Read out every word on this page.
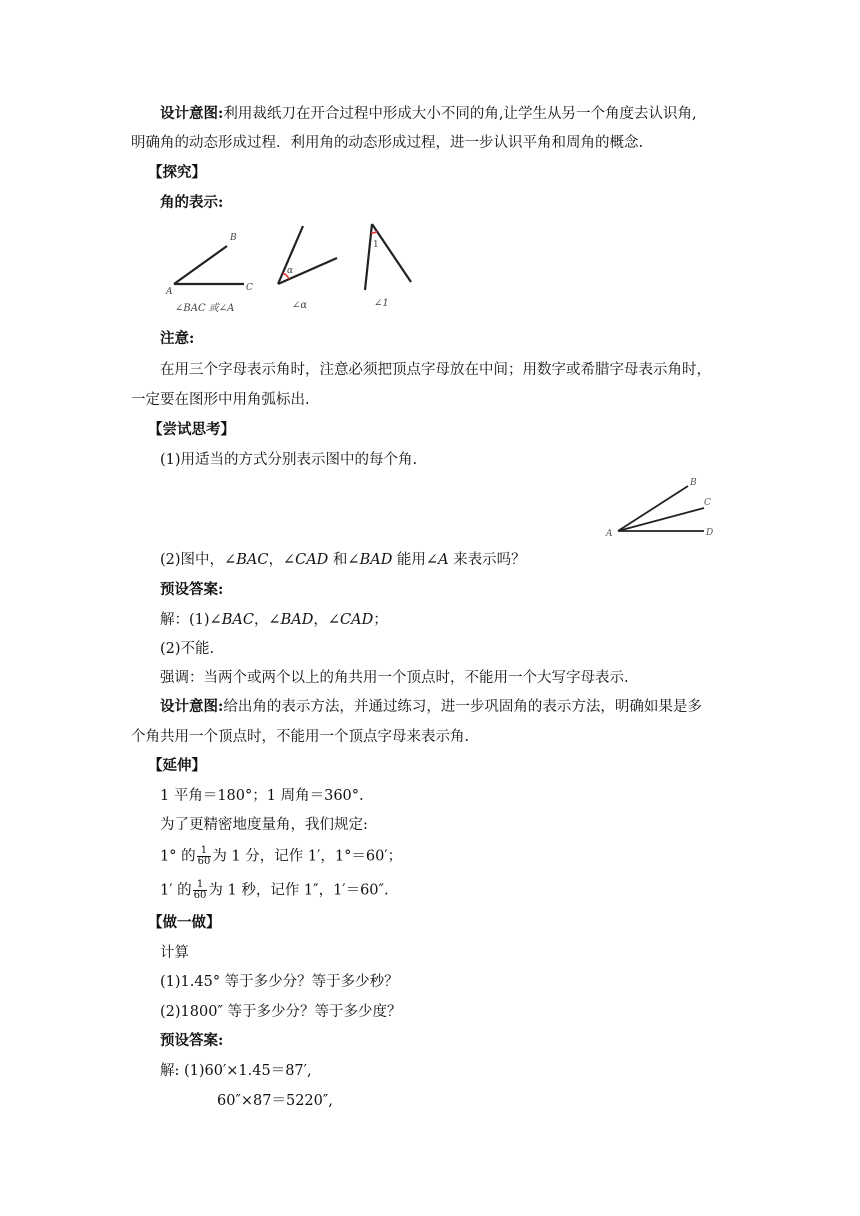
设计意图:利用裁纸刀在开合过程中形成大小不同的角,让学生从另一个角度去认识角,
明确角的动态形成过程．利用角的动态形成过程，进一步认识平角和周角的概念.
【探究】
角的表示:
B
A	C
∠BAC 或∠A
α
∠α
1
∠1
注意:
在用三个字母表示角时，注意必须把顶点字母放在中间；用数字或希腊字母表示角时，
一定要在图形中用角弧标出.
【尝试思考】
(1)用适当的方式分别表示图中的每个角.
A
B
C
D
(2)图中，∠BAC，∠CAD 和∠BAD 能用∠A 来表示吗？
预设答案:
解：(1)∠BAC，∠BAD，∠CAD；
(2)不能.
强调：当两个或两个以上的角共用一个顶点时，不能用一个大写字母表示.
设计意图:给出角的表示方法，并通过练习，进一步巩固角的表示方法，明确如果是多
个角共用一个顶点时，不能用一个顶点字母来表示角.
【延伸】
1 平角＝180°；1 周角＝360°.
为了更精密地度量角，我们规定:
1° 的 $\frac{1}{60}$ 为 1 分，记作 1′，1°＝60′；
1′ 的 $\frac{1}{60}$ 为 1 秒，记作 1″，1′＝60″.
【做一做】
计算
(1)1.45° 等于多少分？等于多少秒？
(2)1800″ 等于多少分？等于多少度？
预设答案:
解: (1)60′×1.45＝87′,
60″×87＝5220″,
